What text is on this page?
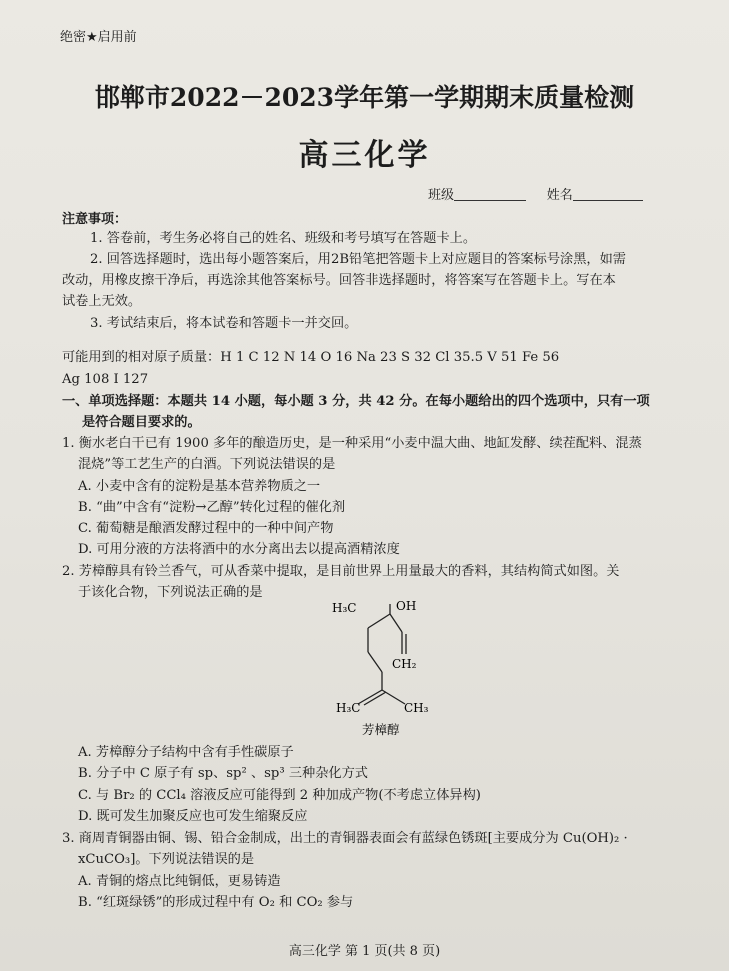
绝密★启用前
邯郸市2022－2023学年第一学期期末质量检测
高三化学
班级	姓名
注意事项：
1. 答卷前，考生务必将自己的姓名、班级和考号填写在答题卡上。
2. 回答选择题时，选出每小题答案后，用2B铅笔把答题卡上对应题目的答案标号涂黑，如需
改动，用橡皮擦干净后，再选涂其他答案标号。回答非选择题时，将答案写在答题卡上。写在本
试卷上无效。
3. 考试结束后，将本试卷和答题卡一并交回。
可能用到的相对原子质量：H 1 C 12 N 14 O 16 Na 23 S 32 Cl 35.5 V 51 Fe 56
Ag 108 I 127
一、单项选择题：本题共 14 小题，每小题 3 分，共 42 分。在每小题给出的四个选项中，只有一项
是符合题目要求的。
1. 衡水老白干已有 1900 多年的酿造历史，是一种采用“小麦中温大曲、地缸发酵、续茬配料、混蒸
混烧”等工艺生产的白酒。下列说法错误的是
A. 小麦中含有的淀粉是基本营养物质之一
B. “曲”中含有“淀粉→乙醇”转化过程的催化剂
C. 葡萄糖是酿酒发酵过程中的一种中间产物
D. 可用分液的方法将酒中的水分离出去以提高酒精浓度
2. 芳樟醇具有铃兰香气，可从香菜中提取，是目前世界上用量最大的香料，其结构简式如图。关
于该化合物，下列说法正确的是
H₃C	OH
CH₂
H₃C	CH₃
芳樟醇
A. 芳樟醇分子结构中含有手性碳原子
B. 分子中 C 原子有 sp、sp² 、sp³ 三种杂化方式
C. 与 Br₂ 的 CCl₄ 溶液反应可能得到 2 种加成产物(不考虑立体异构)
D. 既可发生加聚反应也可发生缩聚反应
3. 商周青铜器由铜、锡、铅合金制成，出土的青铜器表面会有蓝绿色锈斑[主要成分为 Cu(OH)₂ ·
xCuCO₃]。下列说法错误的是
A. 青铜的熔点比纯铜低，更易铸造
B. “红斑绿锈”的形成过程中有 O₂ 和 CO₂ 参与
高三化学 第 1 页(共 8 页)
